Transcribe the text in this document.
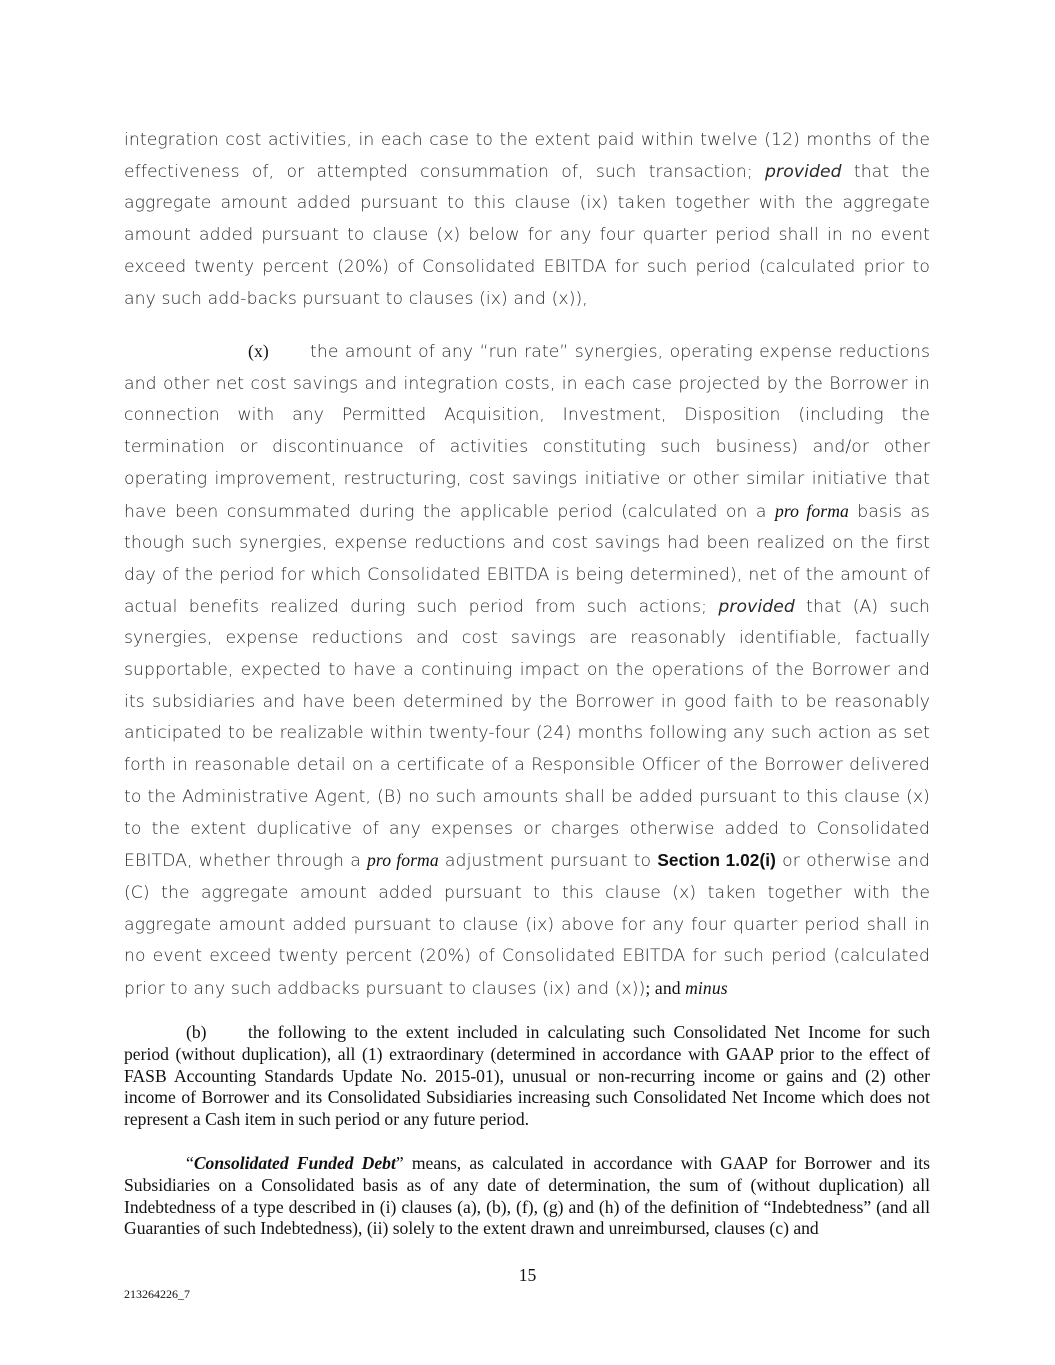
integration cost activities, in each case to the extent paid within twelve (12) months of the effectiveness of, or attempted consummation of, such transaction; provided that the aggregate amount added pursuant to this clause (ix) taken together with the aggregate amount added pursuant to clause (x) below for any four quarter period shall in no event exceed twenty percent (20%) of Consolidated EBITDA for such period (calculated prior to any such add-backs pursuant to clauses (ix) and (x)),
(x) the amount of any “run rate” synergies, operating expense reductions and other net cost savings and integration costs, in each case projected by the Borrower in connection with any Permitted Acquisition, Investment, Disposition (including the termination or discontinuance of activities constituting such business) and/or other operating improvement, restructuring, cost savings initiative or other similar initiative that have been consummated during the applicable period (calculated on a pro forma basis as though such synergies, expense reductions and cost savings had been realized on the first day of the period for which Consolidated EBITDA is being determined), net of the amount of actual benefits realized during such period from such actions; provided that (A) such synergies, expense reductions and cost savings are reasonably identifiable, factually supportable, expected to have a continuing impact on the operations of the Borrower and its subsidiaries and have been determined by the Borrower in good faith to be reasonably anticipated to be realizable within twenty-four (24) months following any such action as set forth in reasonable detail on a certificate of a Responsible Officer of the Borrower delivered to the Administrative Agent, (B) no such amounts shall be added pursuant to this clause (x) to the extent duplicative of any expenses or charges otherwise added to Consolidated EBITDA, whether through a pro forma adjustment pursuant to Section 1.02(i) or otherwise and (C) the aggregate amount added pursuant to this clause (x) taken together with the aggregate amount added pursuant to clause (ix) above for any four quarter period shall in no event exceed twenty percent (20%) of Consolidated EBITDA for such period (calculated prior to any such addbacks pursuant to clauses (ix) and (x)); and minus
(b) the following to the extent included in calculating such Consolidated Net Income for such period (without duplication), all (1) extraordinary (determined in accordance with GAAP prior to the effect of FASB Accounting Standards Update No. 2015-01), unusual or non-recurring income or gains and (2) other income of Borrower and its Consolidated Subsidiaries increasing such Consolidated Net Income which does not represent a Cash item in such period or any future period.
“Consolidated Funded Debt” means, as calculated in accordance with GAAP for Borrower and its Subsidiaries on a Consolidated basis as of any date of determination, the sum of (without duplication) all Indebtedness of a type described in (i) clauses (a), (b), (f), (g) and (h) of the definition of “Indebtedness” (and all Guaranties of such Indebtedness), (ii) solely to the extent drawn and unreimbursed, clauses (c) and
15
213264226_7
